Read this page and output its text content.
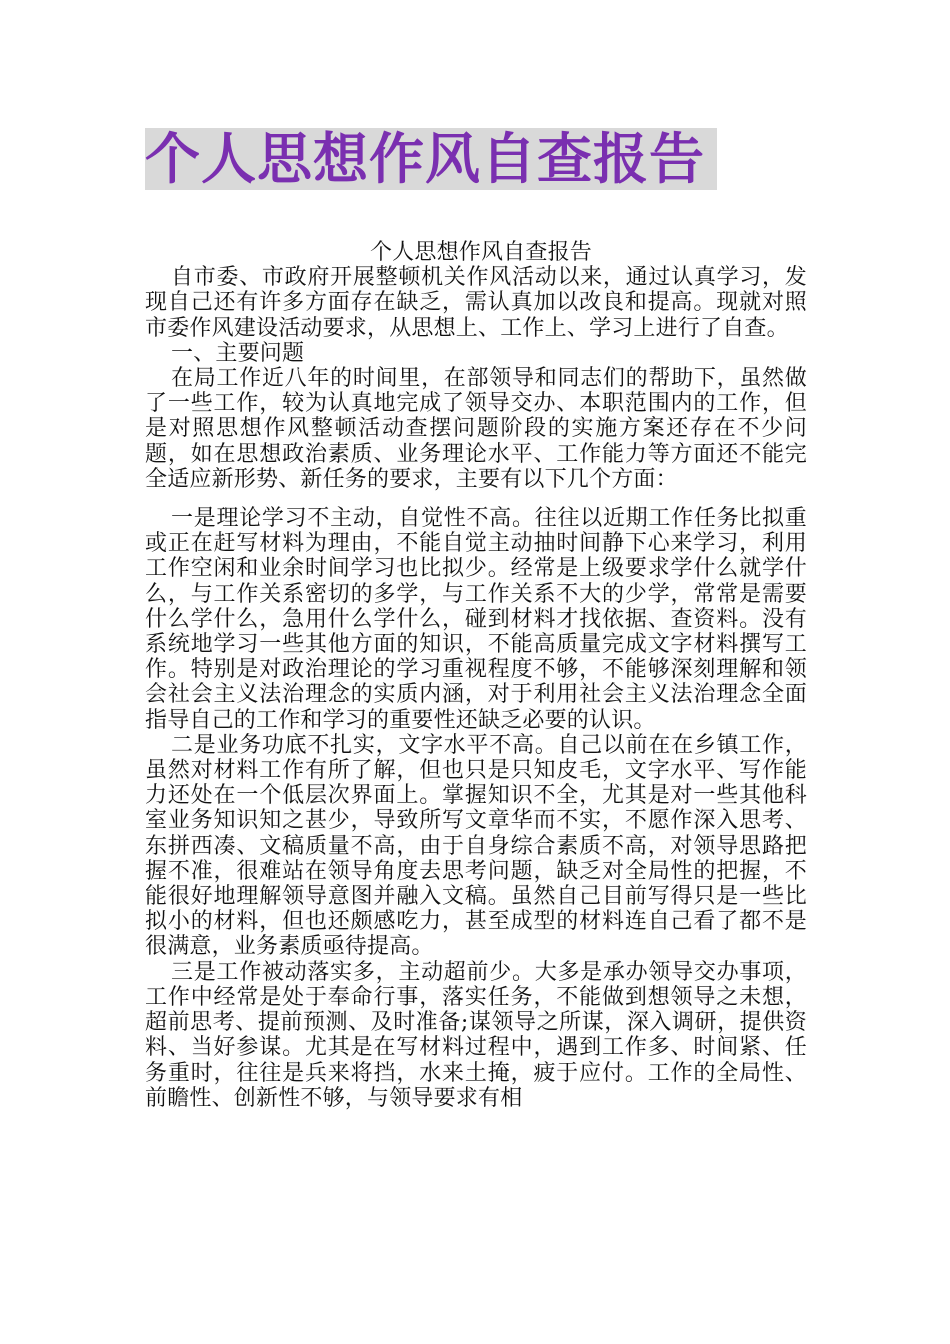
个人思想作风自查报告

个人思想作风自查报告

自市委、市政府开展整顿机关作风活动以来，通过认真学习，发现自己还有许多方面存在缺乏，需认真加以改良和提高。现就对照市委作风建设活动要求，从思想上、工作上、学习上进行了自查。

一、主要问题

在局工作近八年的时间里，在部领导和同志们的帮助下，虽然做了一些工作，较为认真地完成了领导交办、本职范围内的工作，但是对照思想作风整顿活动查摆问题阶段的实施方案还存在不少问题，如在思想政治素质、业务理论水平、工作能力等方面还不能完全适应新形势、新任务的要求，主要有以下几个方面：

一是理论学习不主动，自觉性不高。往往以近期工作任务比拟重或正在赶写材料为理由，不能自觉主动抽时间静下心来学习，利用工作空闲和业余时间学习也比拟少。经常是上级要求学什么就学什么，与工作关系密切的多学，与工作关系不大的少学，常常是需要什么学什么，急用什么学什么，碰到材料才找依据、查资料。没有系统地学习一些其他方面的知识，不能高质量完成文字材料撰写工作。特别是对政治理论的学习重视程度不够，不能够深刻理解和领会社会主义法治理念的实质内涵，对于利用社会主义法治理念全面指导自己的工作和学习的重要性还缺乏必要的认识。

二是业务功底不扎实，文字水平不高。自己以前在在乡镇工作，虽然对材料工作有所了解，但也只是只知皮毛，文字水平、写作能力还处在一个低层次界面上。掌握知识不全，尤其是对一些其他科室业务知识知之甚少，导致所写文章华而不实，不愿作深入思考、东拼西凑、文稿质量不高，由于自身综合素质不高，对领导思路把握不准，很难站在领导角度去思考问题，缺乏对全局性的把握，不能很好地理解领导意图并融入文稿。虽然自己目前写得只是一些比拟小的材料，但也还颇感吃力，甚至成型的材料连自己看了都不是很满意，业务素质亟待提高。

三是工作被动落实多，主动超前少。大多是承办领导交办事项，工作中经常是处于奉命行事，落实任务，不能做到想领导之未想，超前思考、提前预测、及时准备;谋领导之所谋，深入调研，提供资料、当好参谋。尤其是在写材料过程中，遇到工作多、时间紧、任务重时，往往是兵来将挡，水来土掩，疲于应付。工作的全局性、前瞻性、创新性不够，与领导要求有相
